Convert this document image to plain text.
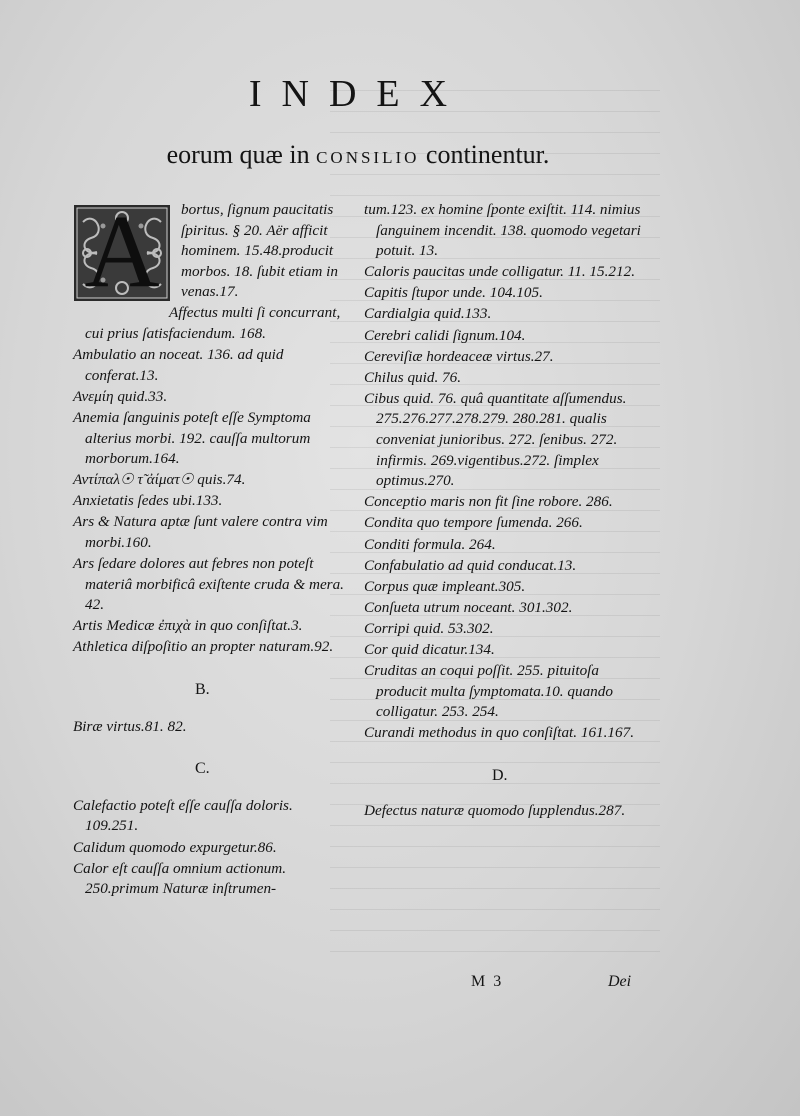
INDEX
eorum quæ in CONSILIO continentur.
A	bortus, ſignum paucitatis ſpiritus. § 20. Aër afficit hominem. 15.48.producit morbos. 18. ſubit etiam in venas.17.
Affectus multi ſi concurrant, cui prius ſatisfaciendum. 168.
Ambulatio an noceat. 136. ad quid conferat.13.
Ανεμίη quid.33.
Anemia ſanguinis poteſt eſſe Symptoma alterius morbi. 192. cauſſa multorum morborum.164.
Αντίπαλ☉ τ̃ ἀίματ☉ quis.74.
Anxietatis ſedes ubi.133.
Ars & Natura aptæ ſunt valere contra vim morbi.160.
Ars ſedare dolores aut febres non poteſt materiâ morbificâ exiſtente cruda & mera. 42.
Artis Medicæ ἐπιχὰ in quo conſiſtat.3.
Athletica diſpoſitio an propter naturam.92.
B.
Biræ virtus.81. 82.
C.
Calefactio poteſt eſſe cauſſa doloris. 109.251.
Calidum quomodo expurgetur.86.
Calor eſt cauſſa omnium actionum. 250.primum Naturæ inſtrumen-
tum.123. ex homine ſponte exiſtit. 114. nimius ſanguinem incendit. 138. quomodo vegetari potuit. 13.
Caloris paucitas unde colligatur. 11. 15.212.
Capitis ſtupor unde. 104.105.
Cardialgia quid.133.
Cerebri calidi ſignum.104.
Cereviſiæ hordeaceæ virtus.27.
Chilus quid. 76.
Cibus quid. 76. quâ quantitate aſſumendus. 275.276.277.278.279. 280.281. qualis conveniat junioribus. 272. ſenibus. 272. infirmis. 269.vigentibus.272. ſimplex optimus.270.
Conceptio maris non fit ſine robore. 286.
Condita quo tempore ſumenda. 266.
Conditi formula. 264.
Confabulatio ad quid conducat.13.
Corpus quæ impleant.305.
Conſueta utrum noceant. 301.302.
Corripi quid. 53.302.
Cor quid dicatur.134.
Cruditas an coqui poſſit. 255. pituitoſa producit multa ſymptomata.10. quando colligatur. 253. 254.
Curandi methodus in quo conſiſtat. 161.167.
D.
Defectus naturæ quomodo ſupplendus.287.
M 3	Dei
